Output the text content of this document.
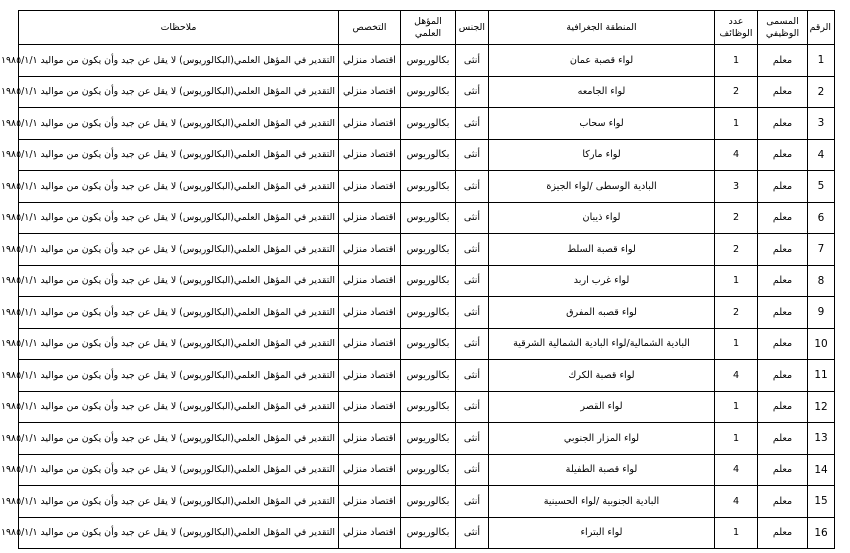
الرقم	المسمى الوظيفي	عدد الوظائف	المنطقة الجغرافية	الجنس	المؤهل العلمي	التخصص	ملاحظات
1	معلم	1	لواء قصبة عمان	أنثى	بكالوريوس	اقتصاد منزلي	التقدير في المؤهل العلمي(البكالوريوس) لا يقل عن جيد وأن يكون من مواليد ١٩٨٥/١/١
2	معلم	2	لواء الجامعه	أنثى	بكالوريوس	اقتصاد منزلي	التقدير في المؤهل العلمي(البكالوريوس) لا يقل عن جيد وأن يكون من مواليد ١٩٨٥/١/١
3	معلم	1	لواء سحاب	أنثى	بكالوريوس	اقتصاد منزلي	التقدير في المؤهل العلمي(البكالوريوس) لا يقل عن جيد وأن يكون من مواليد ١٩٨٥/١/١
4	معلم	4	لواء ماركا	أنثى	بكالوريوس	اقتصاد منزلي	التقدير في المؤهل العلمي(البكالوريوس) لا يقل عن جيد وأن يكون من مواليد ١٩٨٥/١/١
5	معلم	3	البادية الوسطى /لواء الجيزة	أنثى	بكالوريوس	اقتصاد منزلي	التقدير في المؤهل العلمي(البكالوريوس) لا يقل عن جيد وأن يكون من مواليد ١٩٨٥/١/١
6	معلم	2	لواء ذيبان	أنثى	بكالوريوس	اقتصاد منزلي	التقدير في المؤهل العلمي(البكالوريوس) لا يقل عن جيد وأن يكون من مواليد ١٩٨٥/١/١
7	معلم	2	لواء قصبة السلط	أنثى	بكالوريوس	اقتصاد منزلي	التقدير في المؤهل العلمي(البكالوريوس) لا يقل عن جيد وأن يكون من مواليد ١٩٨٥/١/١
8	معلم	1	لواء غرب اربد	أنثى	بكالوريوس	اقتصاد منزلي	التقدير في المؤهل العلمي(البكالوريوس) لا يقل عن جيد وأن يكون من مواليد ١٩٨٥/١/١
9	معلم	2	لواء قصبه المفرق	أنثى	بكالوريوس	اقتصاد منزلي	التقدير في المؤهل العلمي(البكالوريوس) لا يقل عن جيد وأن يكون من مواليد ١٩٨٥/١/١
10	معلم	1	البادية الشمالية/لواء البادية الشمالية الشرقية	أنثى	بكالوريوس	اقتصاد منزلي	التقدير في المؤهل العلمي(البكالوريوس) لا يقل عن جيد وأن يكون من مواليد ١٩٨٥/١/١
11	معلم	4	لواء قصبة الكرك	أنثى	بكالوريوس	اقتصاد منزلي	التقدير في المؤهل العلمي(البكالوريوس) لا يقل عن جيد وأن يكون من مواليد ١٩٨٥/١/١
12	معلم	1	لواء القصر	أنثى	بكالوريوس	اقتصاد منزلي	التقدير في المؤهل العلمي(البكالوريوس) لا يقل عن جيد وأن يكون من مواليد ١٩٨٥/١/١
13	معلم	1	لواء المزار الجنوبي	أنثى	بكالوريوس	اقتصاد منزلي	التقدير في المؤهل العلمي(البكالوريوس) لا يقل عن جيد وأن يكون من مواليد ١٩٨٥/١/١
14	معلم	4	لواء قصبة الطفيلة	أنثى	بكالوريوس	اقتصاد منزلي	التقدير في المؤهل العلمي(البكالوريوس) لا يقل عن جيد وأن يكون من مواليد ١٩٨٥/١/١
15	معلم	4	البادية الجنوبية /لواء الحسينية	أنثى	بكالوريوس	اقتصاد منزلي	التقدير في المؤهل العلمي(البكالوريوس) لا يقل عن جيد وأن يكون من مواليد ١٩٨٥/١/١
16	معلم	1	لواء البتراء	أنثى	بكالوريوس	اقتصاد منزلي	التقدير في المؤهل العلمي(البكالوريوس) لا يقل عن جيد وأن يكون من مواليد ١٩٨٥/١/١
